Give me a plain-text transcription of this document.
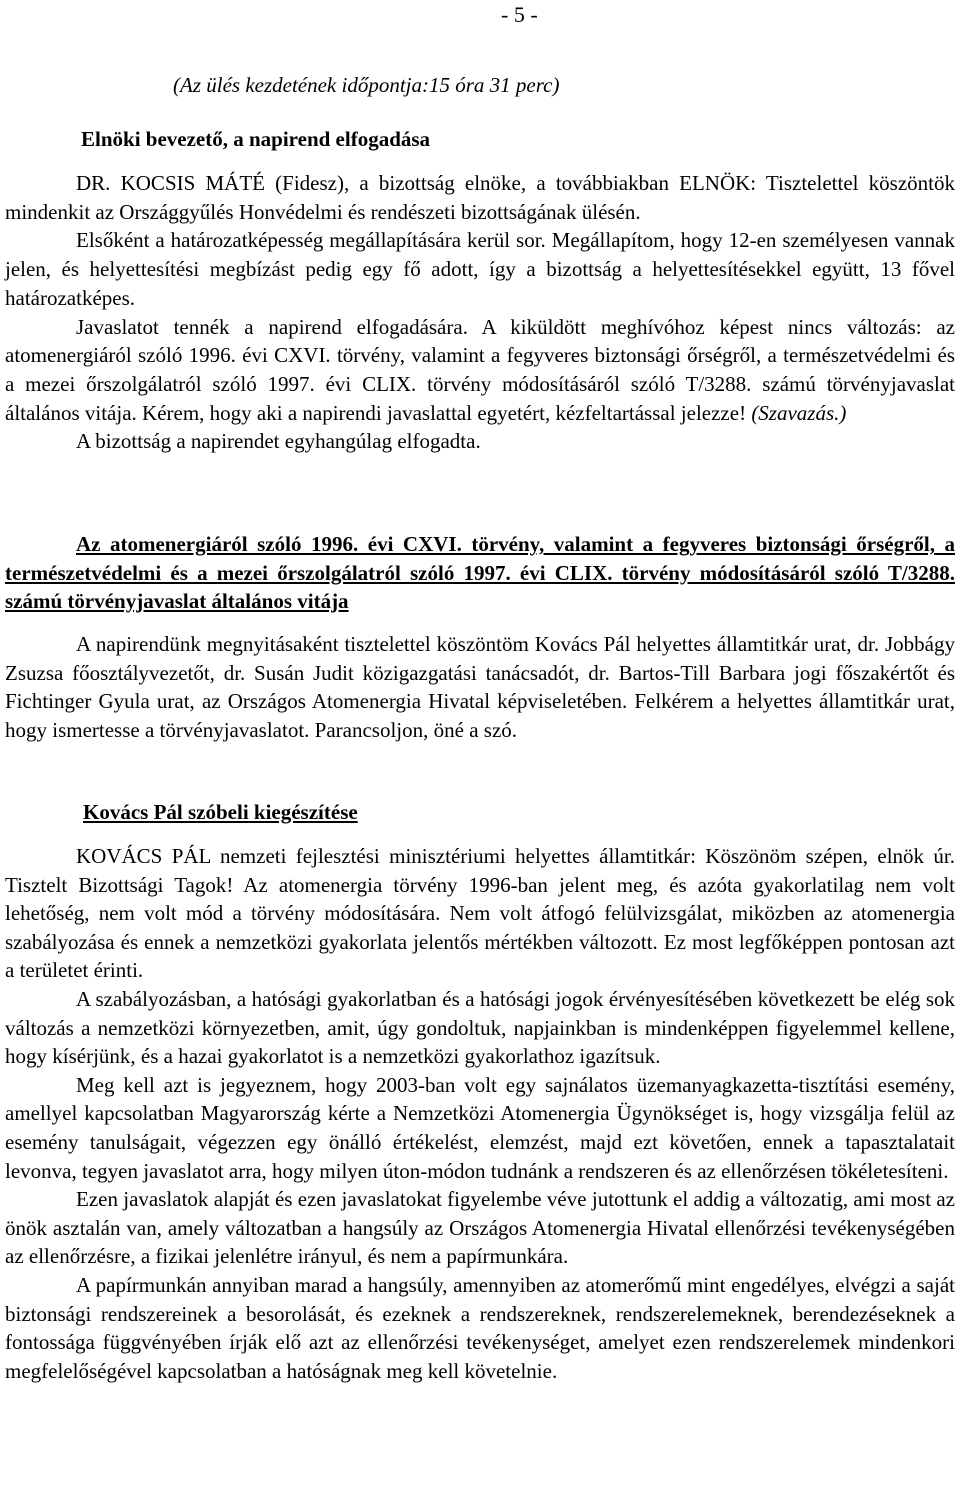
- 5 -
(Az ülés kezdetének időpontja:15 óra 31 perc)
Elnöki bevezető, a napirend elfogadása

DR. KOCSIS MÁTÉ (Fidesz), a bizottság elnöke, a továbbiakban ELNÖK: Tisztelettel köszöntök mindenkit az Országgyűlés Honvédelmi és rendészeti bizottságának ülésén.

Elsőként a határozatképesség megállapítására kerül sor. Megállapítom, hogy 12-en személyesen vannak jelen, és helyettesítési megbízást pedig egy fő adott, így a bizottság a helyettesítésekkel együtt, 13 fővel határozatképes.

Javaslatot tennék a napirend elfogadására. A kiküldött meghívóhoz képest nincs változás: az atomenergiáról szóló 1996. évi CXVI. törvény, valamint a fegyveres biztonsági őrségről, a természetvédelmi és a mezei őrszolgálatról szóló 1997. évi CLIX. törvény módosításáról szóló T/3288. számú törvényjavaslat általános vitája. Kérem, hogy aki a napirendi javaslattal egyetért, kézfeltartással jelezze! (Szavazás.)

A bizottság a napirendet egyhangúlag elfogadta.

Az atomenergiáról szóló 1996. évi CXVI. törvény, valamint a fegyveres biztonsági őrségről, a természetvédelmi és a mezei őrszolgálatról szóló 1997. évi CLIX. törvény módosításáról szóló T/3288. számú törvényjavaslat általános vitája

A napirendünk megnyitásaként tisztelettel köszöntöm Kovács Pál helyettes államtitkár urat, dr. Jobbágy Zsuzsa főosztályvezetőt, dr. Susán Judit közigazgatási tanácsadót, dr. Bartos-Till Barbara jogi főszakértőt és Fichtinger Gyula urat, az Országos Atomenergia Hivatal képviseletében. Felkérem a helyettes államtitkár urat, hogy ismertesse a törvényjavaslatot. Parancsoljon, öné a szó.

Kovács Pál szóbeli kiegészítése

KOVÁCS PÁL nemzeti fejlesztési minisztériumi helyettes államtitkár: Köszönöm szépen, elnök úr. Tisztelt Bizottsági Tagok! Az atomenergia törvény 1996-ban jelent meg, és azóta gyakorlatilag nem volt lehetőség, nem volt mód a törvény módosítására. Nem volt átfogó felülvizsgálat, miközben az atomenergia szabályozása és ennek a nemzetközi gyakorlata jelentős mértékben változott. Ez most legfőképpen pontosan azt a területet érinti.

A szabályozásban, a hatósági gyakorlatban és a hatósági jogok érvényesítésében következett be elég sok változás a nemzetközi környezetben, amit, úgy gondoltuk, napjainkban is mindenképpen figyelemmel kellene, hogy kísérjünk, és a hazai gyakorlatot is a nemzetközi gyakorlathoz igazítsuk.

Meg kell azt is jegyeznem, hogy 2003-ban volt egy sajnálatos üzemanyagkazetta-tisztítási esemény, amellyel kapcsolatban Magyarország kérte a Nemzetközi Atomenergia Ügynökséget is, hogy vizsgálja felül az esemény tanulságait, végezzen egy önálló értékelést, elemzést, majd ezt követően, ennek a tapasztalatait levonva, tegyen javaslatot arra, hogy milyen úton-módon tudnánk a rendszeren és az ellenőrzésen tökéletesíteni.

Ezen javaslatok alapját és ezen javaslatokat figyelembe véve jutottunk el addig a változatig, ami most az önök asztalán van, amely változatban a hangsúly az Országos Atomenergia Hivatal ellenőrzési tevékenységében az ellenőrzésre, a fizikai jelenlétre irányul, és nem a papírmunkára.

A papírmunkán annyiban marad a hangsúly, amennyiben az atomerőmű mint engedélyes, elvégzi a saját biztonsági rendszereinek a besorolását, és ezeknek a rendszereknek, rendszerelemeknek, berendezéseknek a fontossága függvényében írják elő azt az ellenőrzési tevékenységet, amelyet ezen rendszerelemek mindenkori megfelelőségével kapcsolatban a hatóságnak meg kell követelnie.
